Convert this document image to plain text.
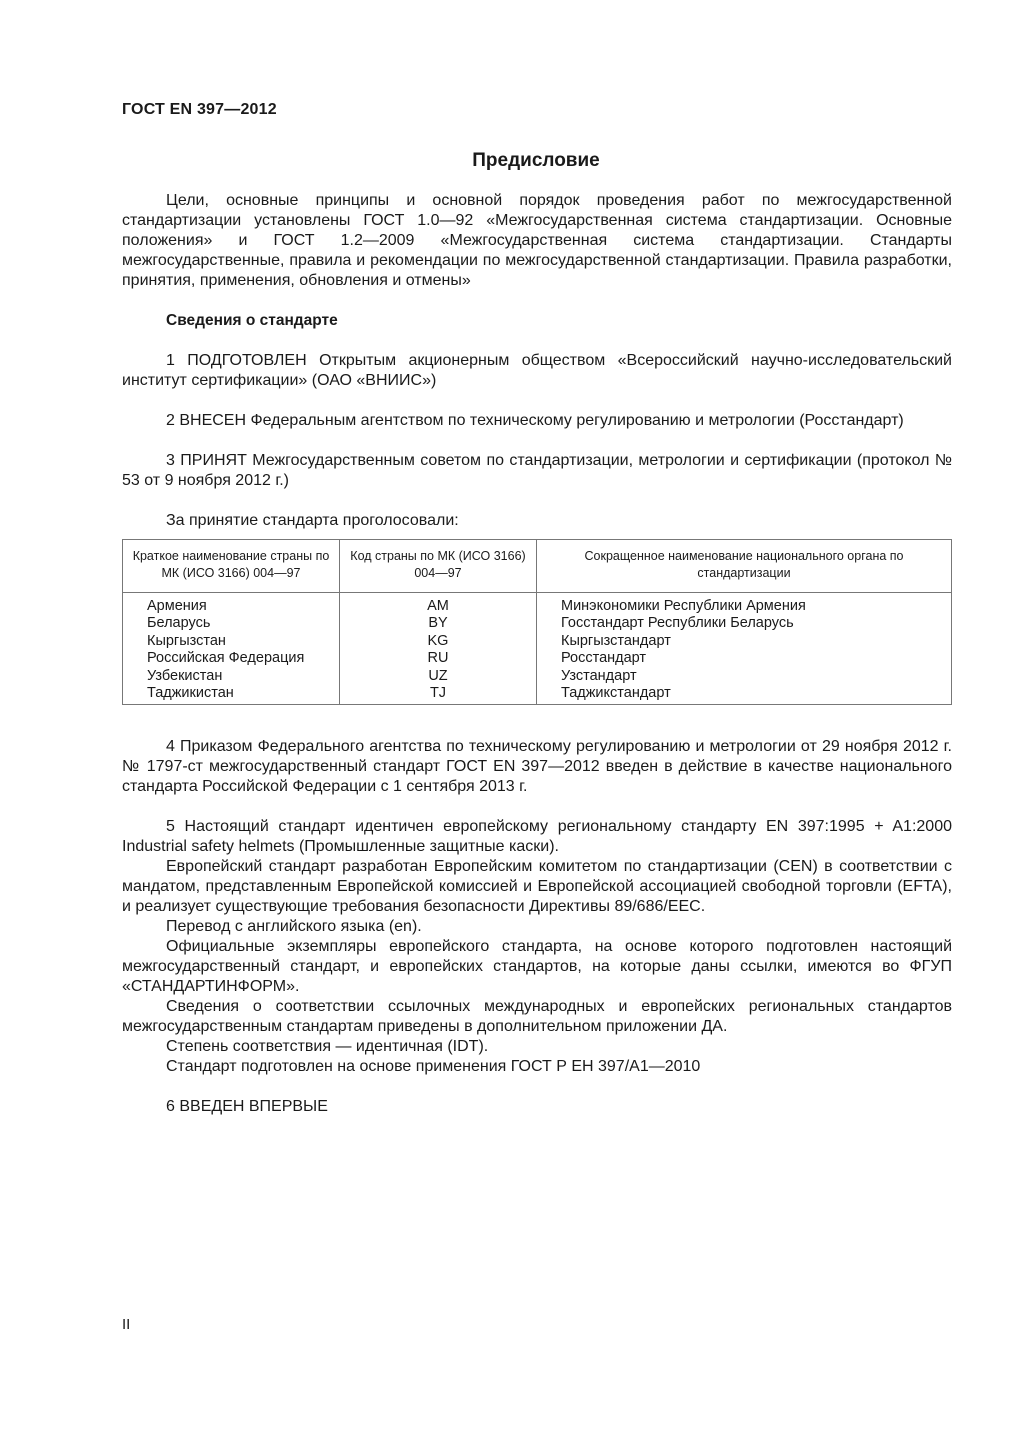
ГОСТ EN 397—2012
Предисловие

Цели, основные принципы и основной порядок проведения работ по межгосударственной стандартизации установлены ГОСТ 1.0—92 «Межгосударственная система стандартизации. Основные положения» и ГОСТ 1.2—2009 «Межгосударственная система стандартизации. Стандарты межгосударственные, правила и рекомендации по межгосударственной стандартизации. Правила разработки, принятия, применения, обновления и отмены»

Сведения о стандарте

1 ПОДГОТОВЛЕН Открытым акционерным обществом «Всероссийский научно-исследовательский институт сертификации» (ОАО «ВНИИС»)

2 ВНЕСЕН Федеральным агентством по техническому регулированию и метрологии (Росстандарт)

3 ПРИНЯТ Межгосударственным советом по стандартизации, метрологии и сертификации (протокол № 53 от 9 ноября 2012 г.)

За принятие стандарта проголосовали:

Краткое наименование страны по МК (ИСО 3166) 004—97	Код страны по МК (ИСО 3166) 004—97	Сокращенное наименование национального органа по стандартизации
Армения	AM	Минэкономики Республики Армения
Беларусь	BY	Госстандарт Республики Беларусь
Кыргызстан	KG	Кыргызстандарт
Российская Федерация	RU	Росстандарт
Узбекистан	UZ	Узстандарт
Таджикистан	TJ	Таджикстандарт

4 Приказом Федерального агентства по техническому регулированию и метрологии от 29 ноября 2012 г. № 1797-ст межгосударственный стандарт ГОСТ EN 397—2012 введен в действие в качестве национального стандарта Российской Федерации с 1 сентября 2013 г.

5 Настоящий стандарт идентичен европейскому региональному стандарту EN 397:1995 + A1:2000 Industrial safety helmets (Промышленные защитные каски).

Европейский стандарт разработан Европейским комитетом по стандартизации (CEN) в соответствии с мандатом, представленным Европейской комиссией и Европейской ассоциацией свободной торговли (EFTA), и реализует существующие требования безопасности Директивы 89/686/EEC.

Перевод с английского языка (en).

Официальные экземпляры европейского стандарта, на основе которого подготовлен настоящий межгосударственный стандарт, и европейских стандартов, на которые даны ссылки, имеются во ФГУП «СТАНДАРТИНФОРМ».

Сведения о соответствии ссылочных международных и европейских региональных стандартов межгосударственным стандартам приведены в дополнительном приложении ДА.

Степень соответствия — идентичная (IDT).

Стандарт подготовлен на основе применения ГОСТ Р ЕН 397/А1—2010

6 ВВЕДЕН ВПЕРВЫЕ

II
